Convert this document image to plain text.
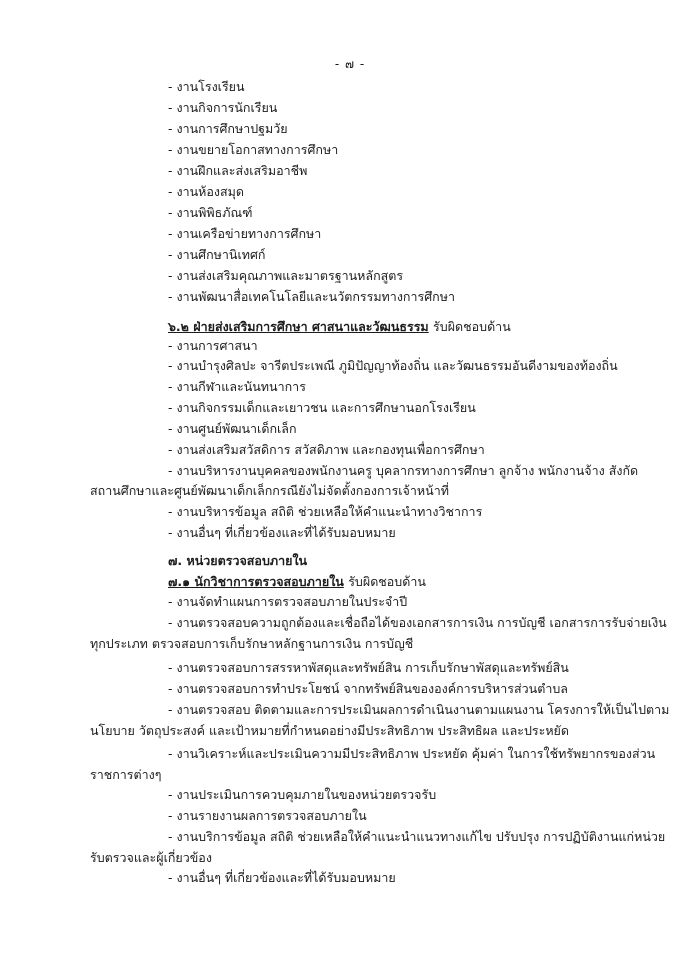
- ๗ -
- งานโรงเรียน
- งานกิจการนักเรียน
- งานการศึกษาปฐมวัย
- งานขยายโอกาสทางการศึกษา
- งานฝึกและส่งเสริมอาชีพ
- งานห้องสมุด
- งานพิพิธภัณฑ์
- งานเครือข่ายทางการศึกษา
- งานศึกษานิเทศก์
- งานส่งเสริมคุณภาพและมาตรฐานหลักสูตร
- งานพัฒนาสื่อเทคโนโลยีและนวัตกรรมทางการศึกษา
๖.๒ ฝ่ายส่งเสริมการศึกษา ศาสนาและวัฒนธรรม รับผิดชอบด้าน
- งานการศาสนา
- งานบำรุงศิลปะ จารีตประเพณี ภูมิปัญญาท้องถิ่น และวัฒนธรรมอันดีงามของท้องถิ่น
- งานกีฬาและนันทนาการ
- งานกิจกรรมเด็กและเยาวชน และการศึกษานอกโรงเรียน
- งานศูนย์พัฒนาเด็กเล็ก
- งานส่งเสริมสวัสดิการ สวัสดิภาพ และกองทุนเพื่อการศึกษา
- งานบริหารงานบุคคลของพนักงานครู บุคลากรทางการศึกษา ลูกจ้าง พนักงานจ้าง สังกัด
สถานศึกษาและศูนย์พัฒนาเด็กเล็กกรณียังไม่จัดตั้งกองการเจ้าหน้าที่
- งานบริหารข้อมูล สถิติ ช่วยเหลือให้คำแนะนำทางวิชาการ
- งานอื่นๆ ที่เกี่ยวข้องและที่ได้รับมอบหมาย
๗. หน่วยตรวจสอบภายใน
๗.๑ นักวิชาการตรวจสอบภายใน รับผิดชอบด้าน
- งานจัดทำแผนการตรวจสอบภายในประจำปี
- งานตรวจสอบความถูกต้องและเชื่อถือได้ของเอกสารการเงิน การบัญชี เอกสารการรับจ่ายเงิน
ทุกประเภท ตรวจสอบการเก็บรักษาหลักฐานการเงิน การบัญชี
- งานตรวจสอบการสรรหาพัสดุและทรัพย์สิน การเก็บรักษาพัสดุและทรัพย์สิน
- งานตรวจสอบการทำประโยชน์ จากทรัพย์สินขององค์การบริหารส่วนตำบล
- งานตรวจสอบ ติดตามและการประเมินผลการดำเนินงานตามแผนงาน โครงการให้เป็นไปตาม
นโยบาย วัตถุประสงค์ และเป้าหมายที่กำหนดอย่างมีประสิทธิภาพ ประสิทธิผล และประหยัด
- งานวิเคราะห์และประเมินความมีประสิทธิภาพ ประหยัด คุ้มค่า ในการใช้ทรัพยากรของส่วน
ราชการต่างๆ
- งานประเมินการควบคุมภายในของหน่วยตรวจรับ
- งานรายงานผลการตรวจสอบภายใน
- งานบริการข้อมูล สถิติ ช่วยเหลือให้คำแนะนำแนวทางแก้ไข ปรับปรุง การปฏิบัติงานแก่หน่วย
รับตรวจและผู้เกี่ยวข้อง
- งานอื่นๆ ที่เกี่ยวข้องและที่ได้รับมอบหมาย
